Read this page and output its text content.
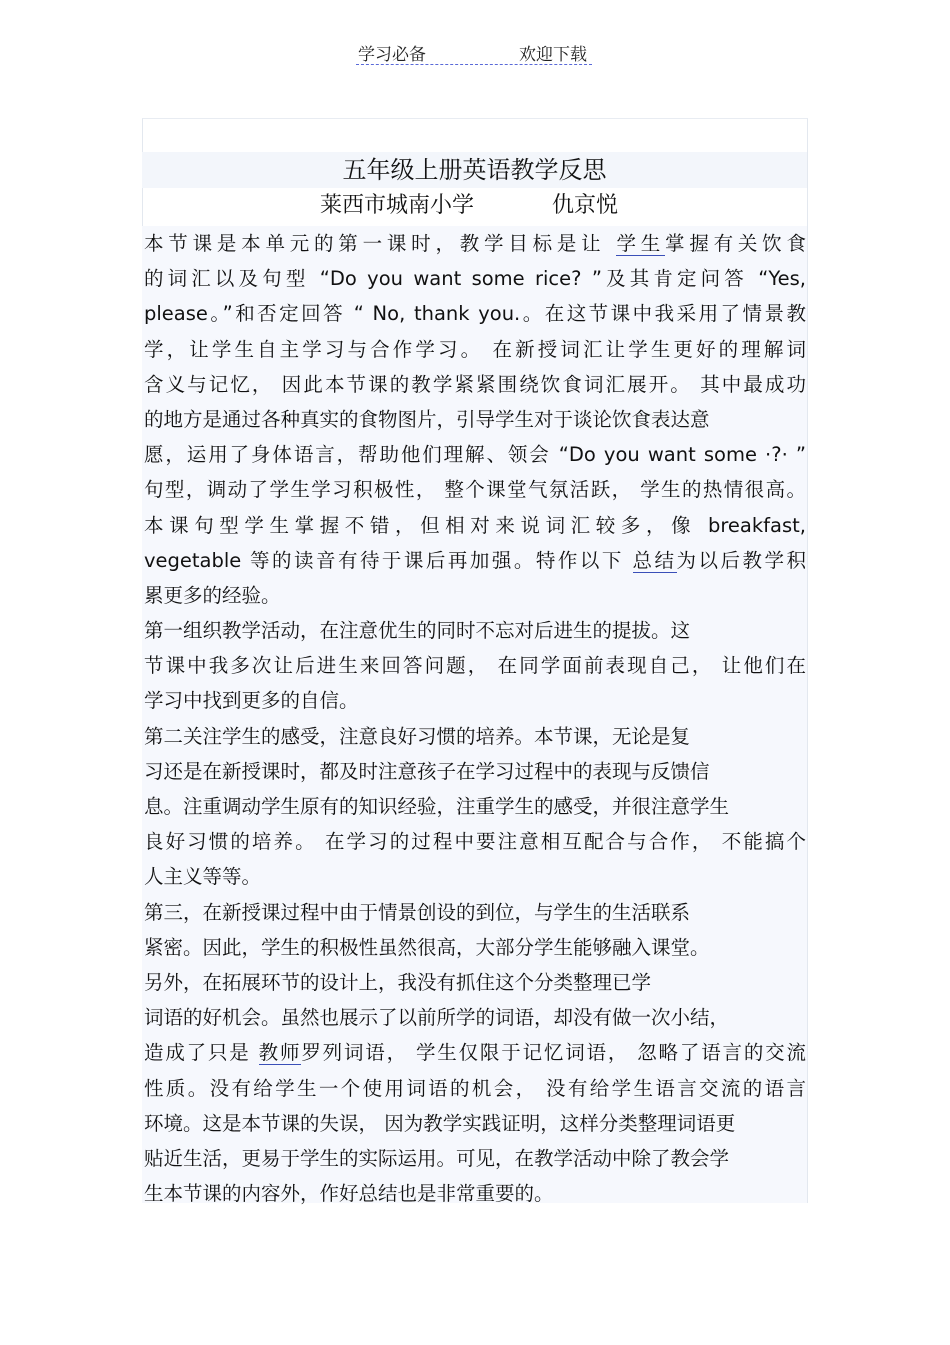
学习必备	欢迎下载
五年级上册英语教学反思
莱西市城南小学	仇京悦
本节课是本单元的第一课时，教学目标是让 学生掌握有关饮食
的词汇以及句型 “Do you want some rice? ”及其肯定问答 “Yes,
please。”和否定回答 “ No, thank you.。在这节课中我采用了情景教
学，让学生自主学习与合作学习。 在新授词汇让学生更好的理解词
含义与记忆， 因此本节课的教学紧紧围绕饮食词汇展开。 其中最成功
的地方是通过各种真实的食物图片，引导学生对于谈论饮食表达意
愿，运用了身体语言，帮助他们理解、领会 “Do you want some ·?· ”
句型，调动了学生学习积极性， 整个课堂气氛活跃， 学生的热情很高。
本课句型学生掌握不错，但相对来说词汇较多，像 breakfast,
vegetable 等的读音有待于课后再加强。特作以下 总结为以后教学积
累更多的经验。
第一组织教学活动，在注意优生的同时不忘对后进生的提拔。这
节课中我多次让后进生来回答问题， 在同学面前表现自己， 让他们在
学习中找到更多的自信。
第二关注学生的感受，注意良好习惯的培养。本节课，无论是复
习还是在新授课时，都及时注意孩子在学习过程中的表现与反馈信
息。注重调动学生原有的知识经验，注重学生的感受，并很注意学生
良好习惯的培养。 在学习的过程中要注意相互配合与合作， 不能搞个
人主义等等。
第三，在新授课过程中由于情景创设的到位，与学生的生活联系
紧密。因此，学生的积极性虽然很高，大部分学生能够融入课堂。
另外，在拓展环节的设计上，我没有抓住这个分类整理已学
词语的好机会。虽然也展示了以前所学的词语，却没有做一次小结，
造成了只是 教师罗列词语， 学生仅限于记忆词语， 忽略了语言的交流
性质。没有给学生一个使用词语的机会， 没有给学生语言交流的语言
环境。这是本节课的失误， 因为教学实践证明，这样分类整理词语更
贴近生活，更易于学生的实际运用。可见，在教学活动中除了教会学
生本节课的内容外，作好总结也是非常重要的。
